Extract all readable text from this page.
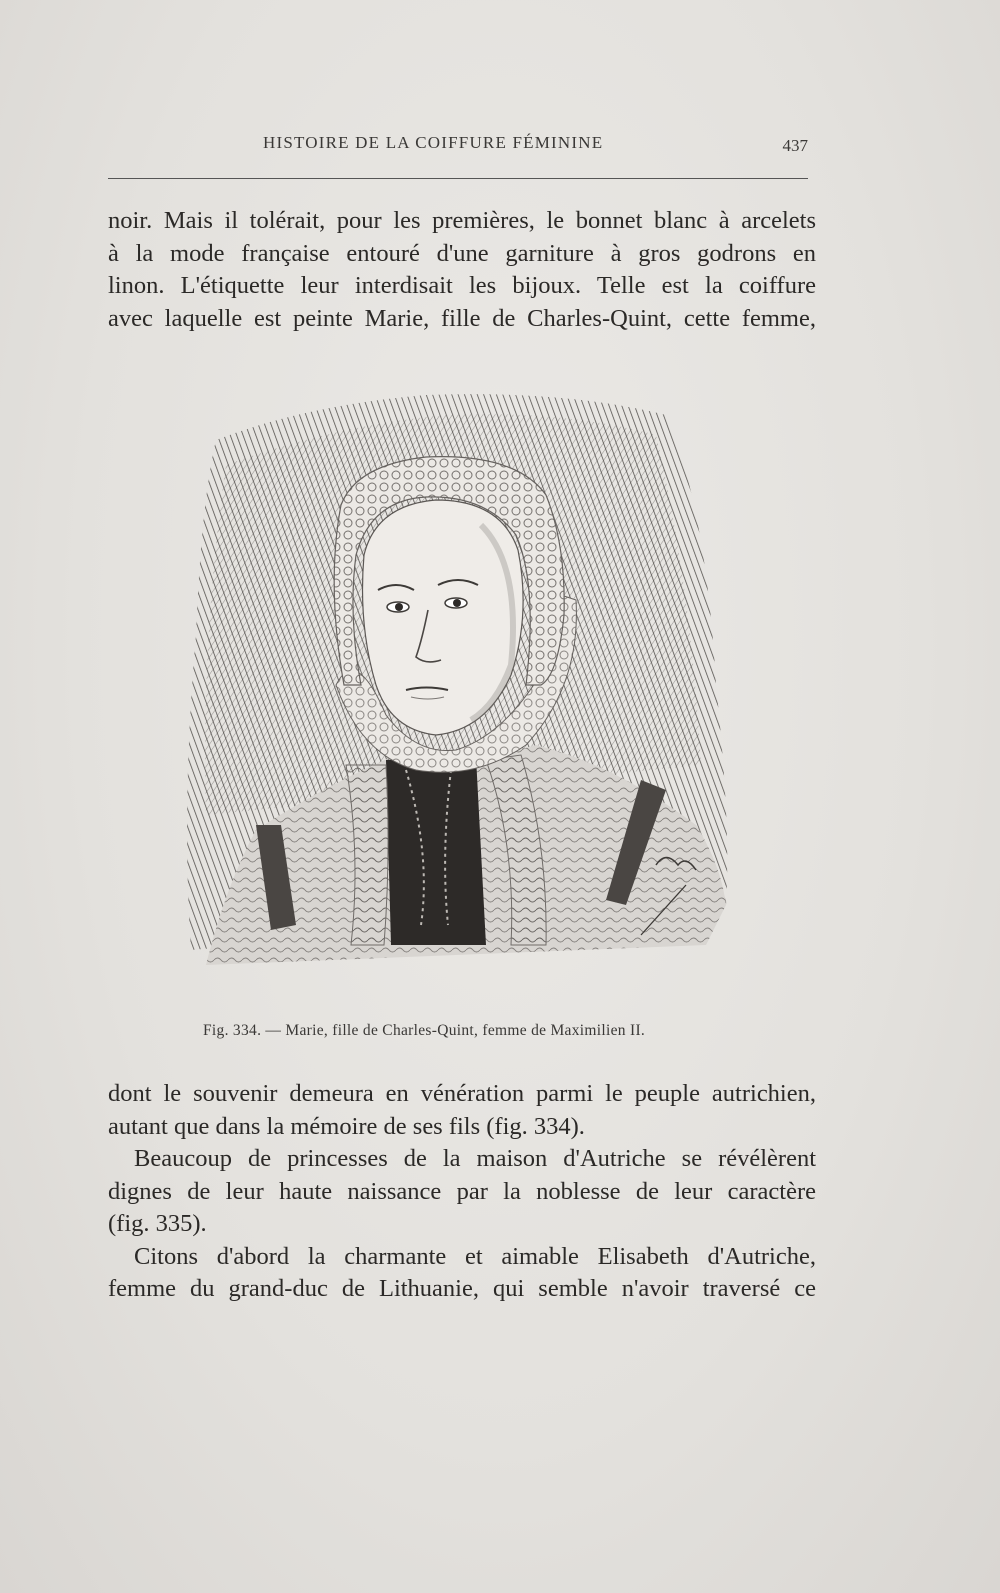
HISTOIRE DE LA COIFFURE FÉMININE	437
noir. Mais il tolérait, pour les premières, le bonnet blanc à arcelets
à la mode française entouré d'une garniture à gros godrons en
linon. L'étiquette leur interdisait les bijoux. Telle est la coiffure
avec laquelle est peinte Marie, fille de Charles-Quint, cette femme,
Fig. 334. — Marie, fille de Charles-Quint, femme de Maximilien II.
dont le souvenir demeura en vénération parmi le peuple autrichien,
autant que dans la mémoire de ses fils (fig. 334).
Beaucoup de princesses de la maison d'Autriche se révélèrent
dignes de leur haute naissance par la noblesse de leur caractère
(fig. 335).
Citons d'abord la charmante et aimable Elisabeth d'Autriche,
femme du grand-duc de Lithuanie, qui semble n'avoir traversé ce
